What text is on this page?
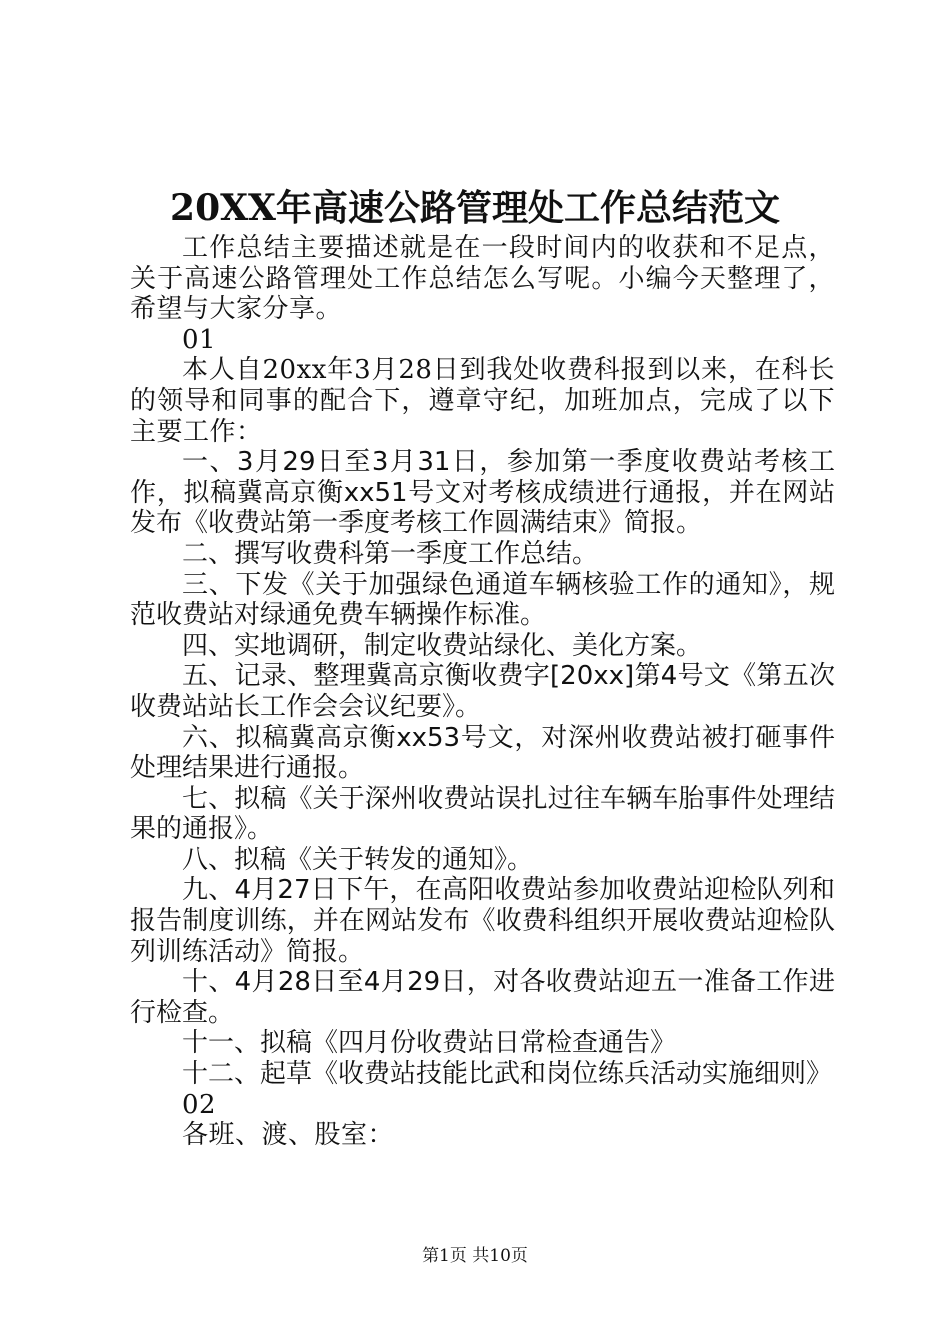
20XX年高速公路管理处工作总结范文

工作总结主要描述就是在一段时间内的收获和不足点，关于高速公路管理处工作总结怎么写呢。小编今天整理了，希望与大家分享。

01

本人自20xx年3月28日到我处收费科报到以来，在科长的领导和同事的配合下，遵章守纪，加班加点，完成了以下主要工作：

一、3月29日至3月31日，参加第一季度收费站考核工作，拟稿冀高京衡xx51号文对考核成绩进行通报，并在网站发布《收费站第一季度考核工作圆满结束》简报。

二、撰写收费科第一季度工作总结。

三、下发《关于加强绿色通道车辆核验工作的通知》，规范收费站对绿通免费车辆操作标准。

四、实地调研，制定收费站绿化、美化方案。

五、记录、整理冀高京衡收费字[20xx]第4号文《第五次收费站站长工作会会议纪要》。

六、拟稿冀高京衡xx53号文，对深州收费站被打砸事件处理结果进行通报。

七、拟稿《关于深州收费站误扎过往车辆车胎事件处理结果的通报》。

八、拟稿《关于转发的通知》。

九、4月27日下午，在高阳收费站参加收费站迎检队列和报告制度训练，并在网站发布《收费科组织开展收费站迎检队列训练活动》简报。

十、4月28日至4月29日，对各收费站迎五一准备工作进行检查。

十一、拟稿《四月份收费站日常检查通告》

十二、起草《收费站技能比武和岗位练兵活动实施细则》

02

各班、渡、股室：

第1页 共10页
